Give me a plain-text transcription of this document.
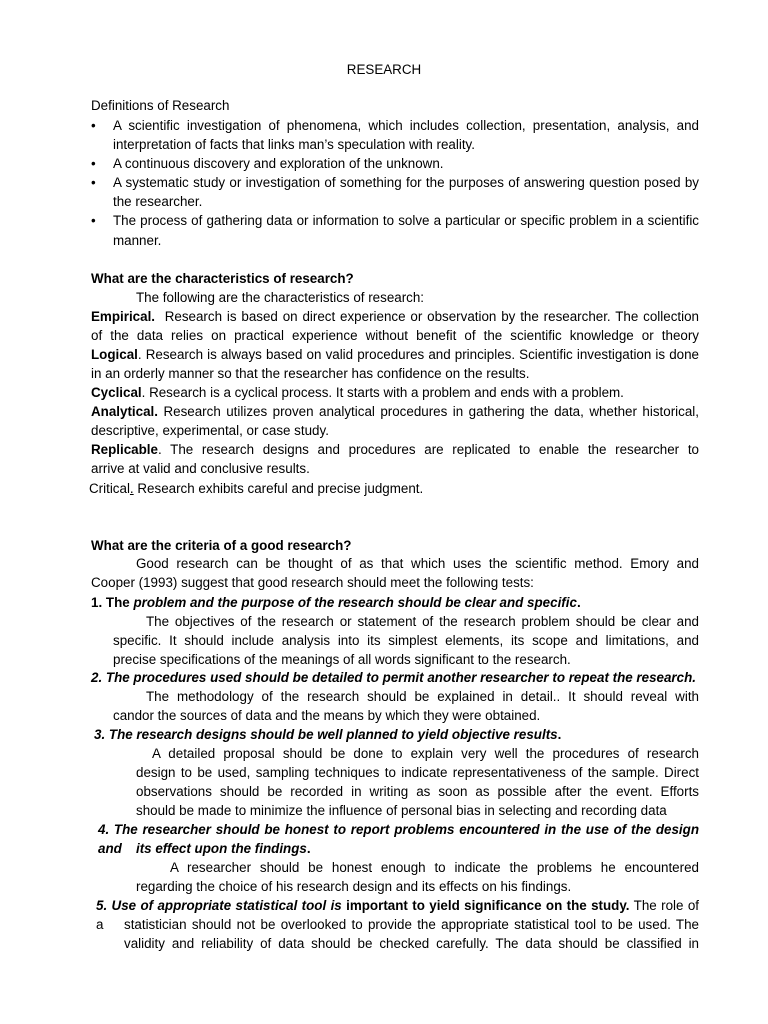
RESEARCH
Definitions of Research
• A scientific investigation of phenomena, which includes collection, presentation, analysis, and interpretation of facts that links man’s speculation with reality.
• A continuous discovery and exploration of the unknown.
• A systematic study or investigation of something for the purposes of answering question posed by the researcher.
• The process of gathering data or information to solve a particular or specific problem in a scientific manner.
What are the characteristics of research?
The following are the characteristics of research:
Empirical. Research is based on direct experience or observation by the researcher. The collection
of the data relies on practical experience without benefit of the scientific knowledge or theory
Logical. Research is always based on valid procedures and principles. Scientific investigation is done
in an orderly manner so that the researcher has confidence on the results.
Cyclical. Research is a cyclical process. It starts with a problem and ends with a problem.
Analytical. Research utilizes proven analytical procedures in gathering the data, whether historical,
descriptive, experimental, or case study.
Replicable. The research designs and procedures are replicated to enable the researcher to
arrive at valid and conclusive results.
Critical. Research exhibits careful and precise judgment.
What are the criteria of a good research?
Good research can be thought of as that which uses the scientific method. Emory and
Cooper (1993) suggest that good research should meet the following tests:
1. The problem and the purpose of the research should be clear and specific.
The objectives of the research or statement of the research problem should be clear and
specific. It should include analysis into its simplest elements, its scope and limitations, and
precise specifications of the meanings of all words significant to the research.
2. The procedures used should be detailed to permit another researcher to repeat the research.
The methodology of the research should be explained in detail.. It should reveal with
candor the sources of data and the means by which they were obtained.
3. The research designs should be well planned to yield objective results.
A detailed proposal should be done to explain very well the procedures of research
design to be used, sampling techniques to indicate representativeness of the sample. Direct
observations should be recorded in writing as soon as possible after the event. Efforts
should be made to minimize the influence of personal bias in selecting and recording data
4. The researcher should be honest to report problems encountered in the use of the design and	its effect upon the findings.
A researcher should be honest enough to indicate the problems he encountered
regarding the choice of his research design and its effects on his findings.
5. Use of appropriate statistical tool is important to yield significance on the study. The role of a	statistician should not be overlooked to provide the appropriate statistical tool to be used. The
validity and reliability of data should be checked carefully. The data should be classified in
